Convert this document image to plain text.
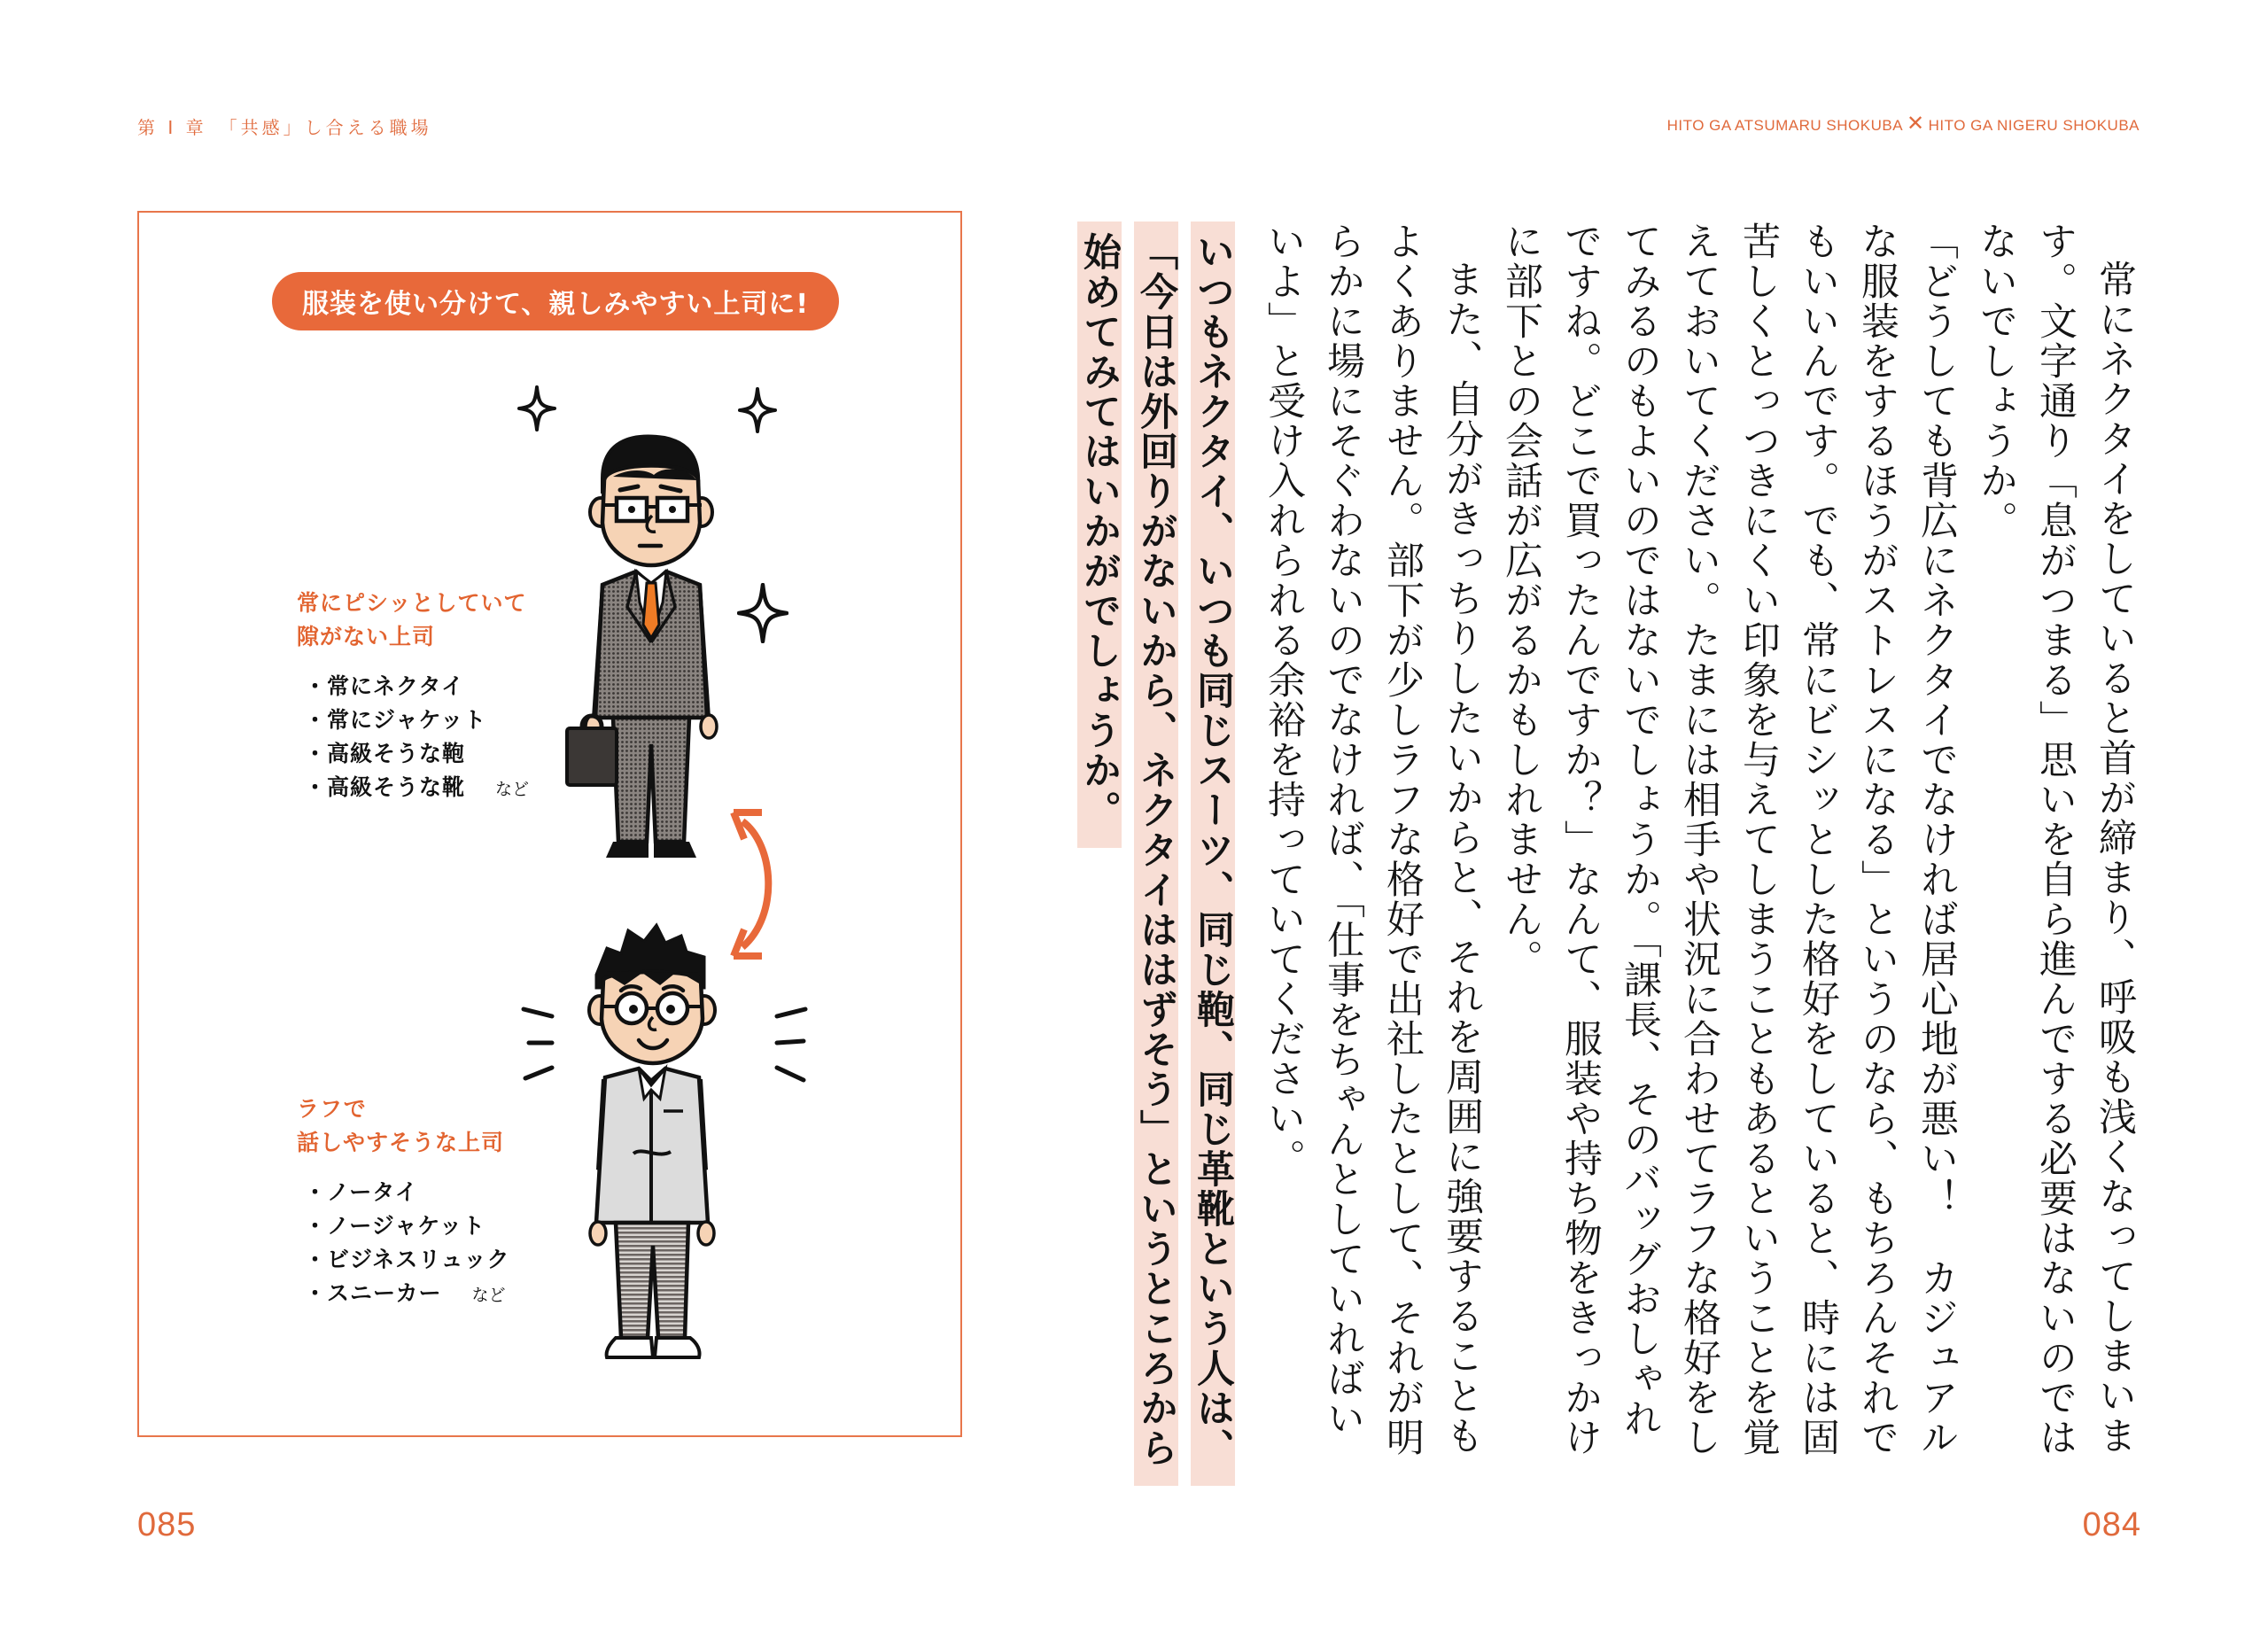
第 I 章　「共感」し合える職場
服装を使い分けて、親しみやすい上司に!
常にピシッとしていて
隙がない上司
・ 常にネクタイ
・ 常にジャケット
・ 高級そうな鞄
・ 高級そうな靴 など
ラフで
話しやすそうな上司
・ ノータイ
・ ノージャケット
・ ビジネスリュック
・ スニーカー など
085
HITO GA ATSUMARU SHOKUBA ✕ HITO GA NIGERU SHOKUBA

常にネクタイをしていると首が締まり、呼吸も浅くなってしまいます。文字通り「息がつまる」思いを自ら進んでする必要はないのではないでしょうか。

「どうしても背広にネクタイでなければ居心地が悪い！　カジュアルな服装をするほうがストレスになる」というのなら、もちろんそれでもいいんです。でも、常にビシッとした格好をしていると、時には固苦しくとっつきにくい印象を与えてしまうこともあるということを覚えておいてください。たまには相手や状況に合わせてラフな格好をしてみるのもよいのではないでしょうか。「課長、そのバッグおしゃれですね。どこで買ったんですか？」なんて、服装や持ち物をきっかけに部下との会話が広がるかもしれません。

また、自分がきっちりしたいからと、それを周囲に強要することもよくありません。部下が少しラフな格好で出社したとして、それが明らかに場にそぐわないのでなければ、「仕事をちゃんとしていればいいよ」と受け入れられる余裕を持っていてください。

いつもネクタイ、いつも同じスーツ、同じ鞄、同じ革靴という人は、「今日は外回りがないから、ネクタイははずそう」というところから始めてみてはいかがでしょうか。

084
